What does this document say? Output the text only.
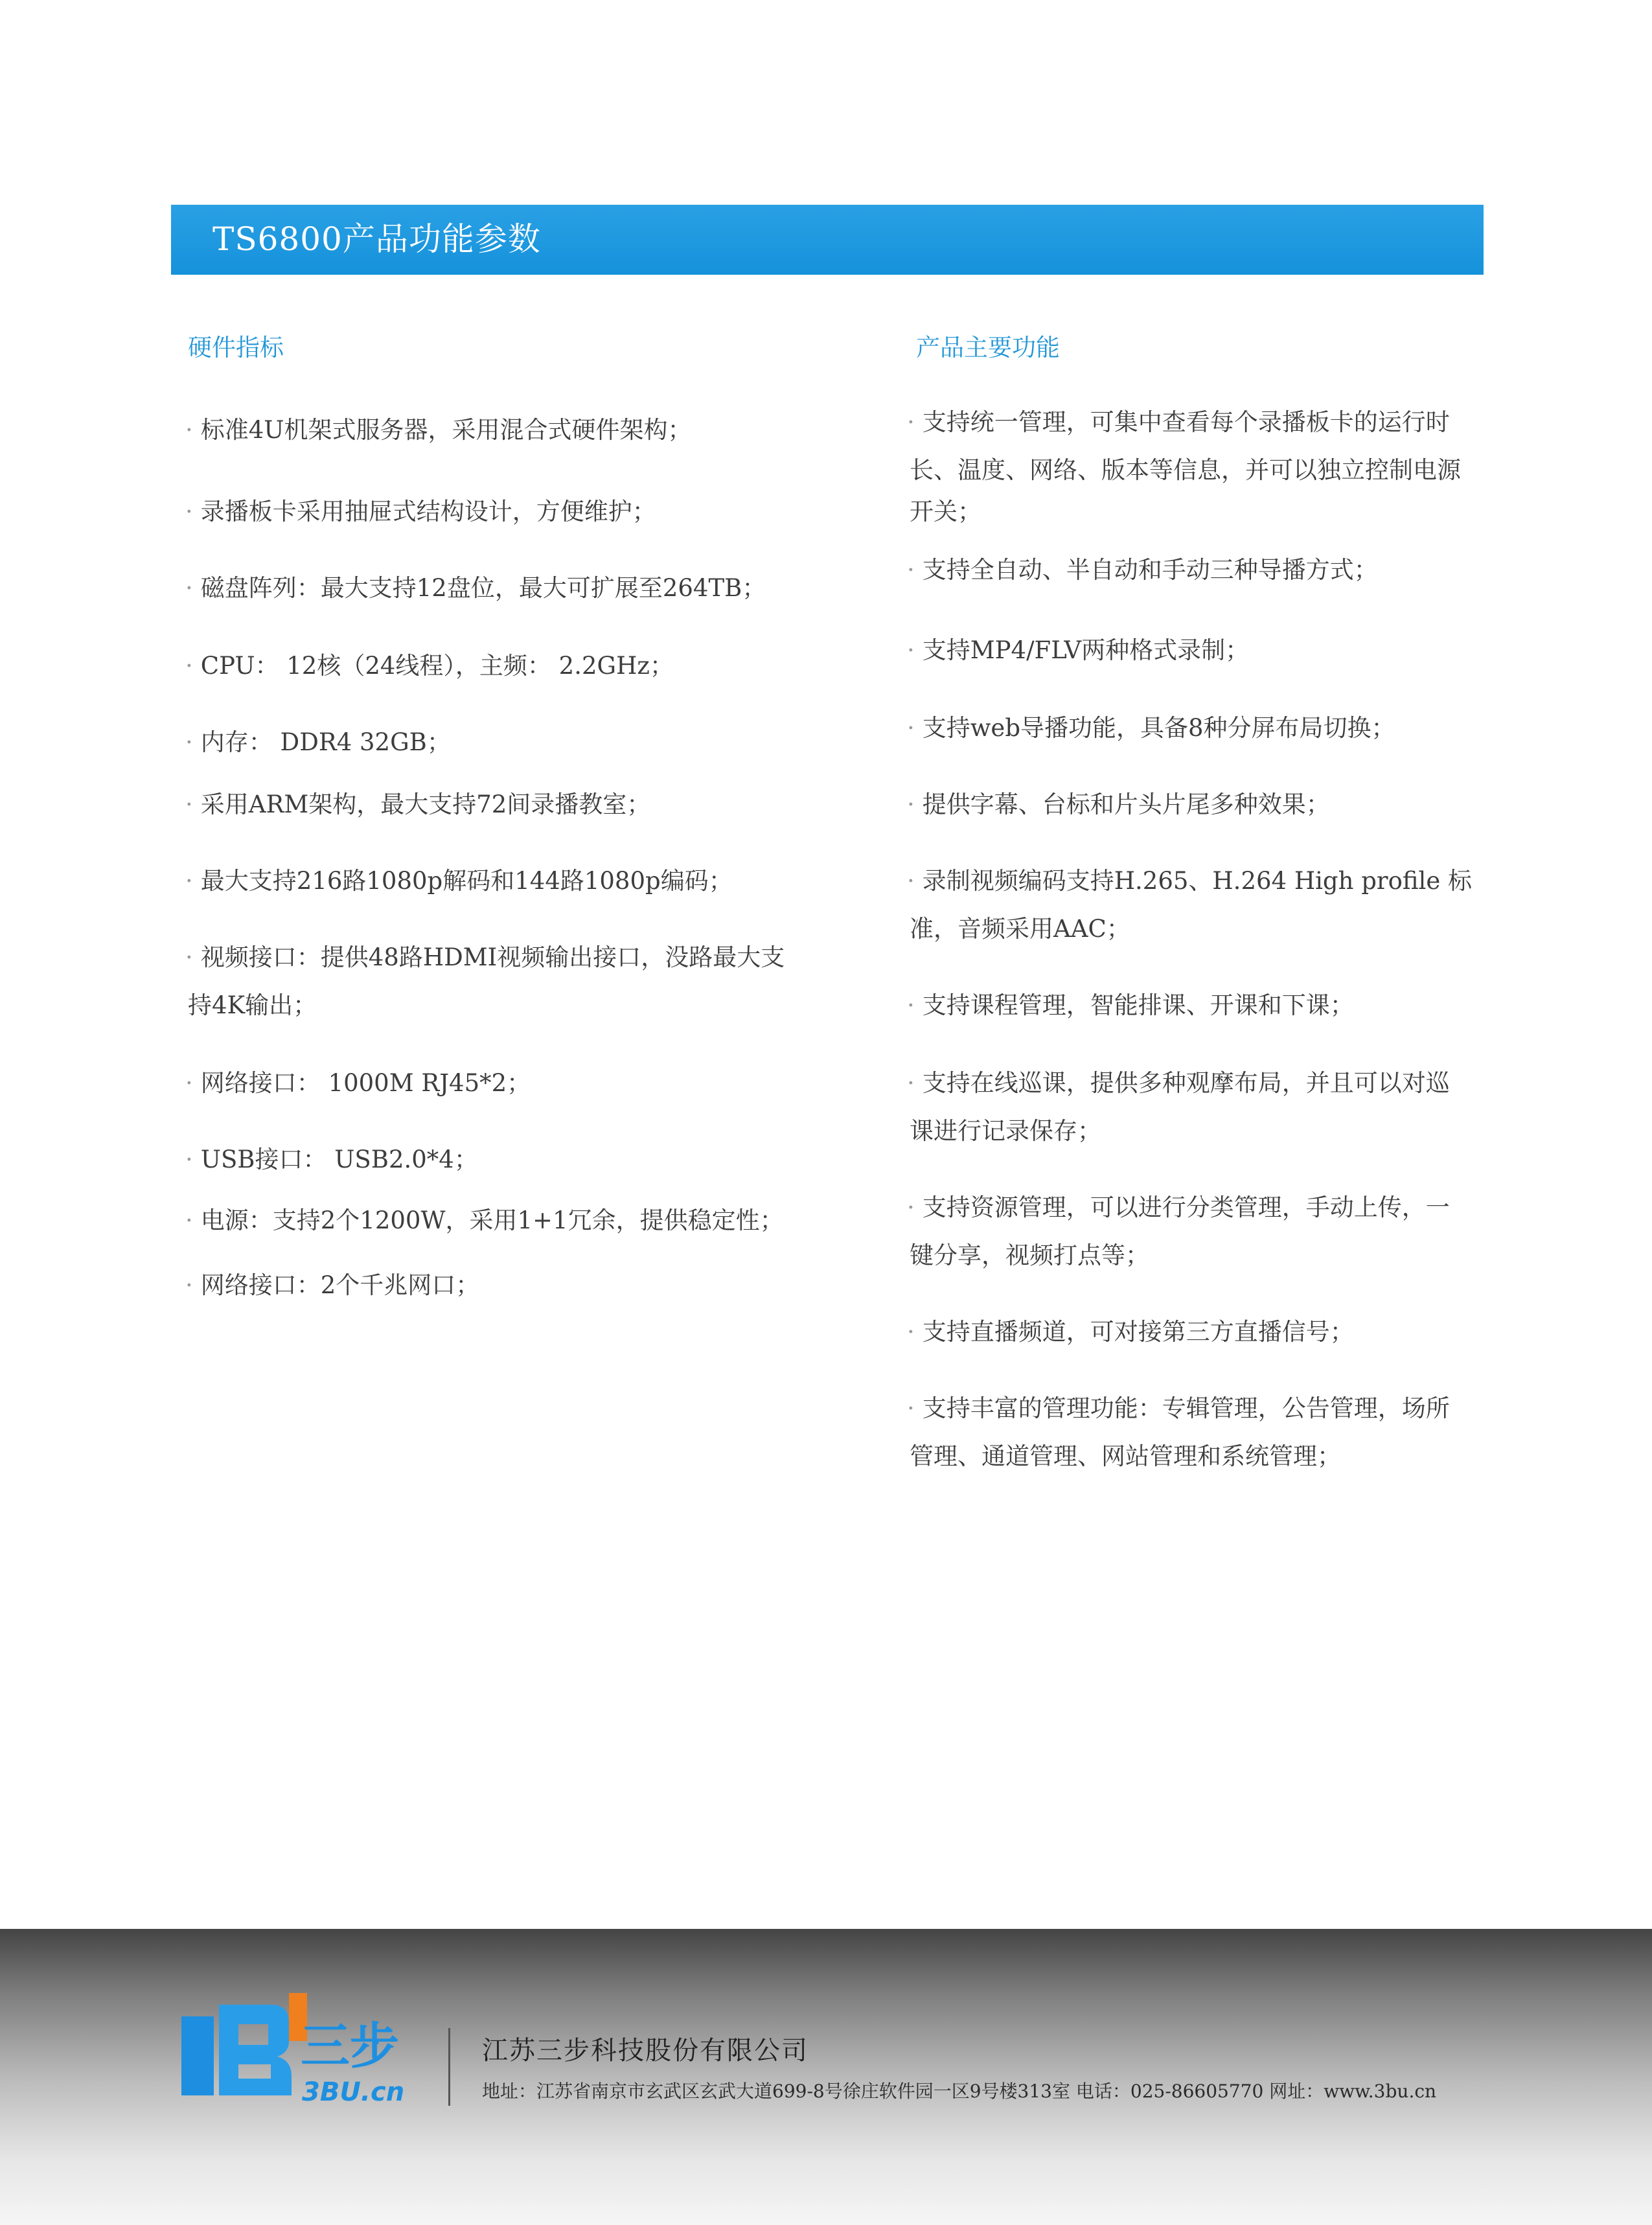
TS6800产品功能参数
硬件指标	产品主要功能
· 标准4U机架式服务器，采用混合式硬件架构；
· 录播板卡采用抽屉式结构设计，方便维护；
· 磁盘阵列：最大支持12盘位，最大可扩展至264TB；
· CPU： 12核（24线程），主频： 2.2GHz；
· 内存： DDR4 32GB；
· 采用ARM架构，最大支持72间录播教室；
· 最大支持216路1080p解码和144路1080p编码；
· 视频接口：提供48路HDMI视频输出接口，没路最大支
持4K输出；
· 网络接口： 1000M RJ45*2；
· USB接口： USB2.0*4；
· 电源：支持2个1200W，采用1+1冗余，提供稳定性；
· 网络接口：2个千兆网口；
· 支持统一管理，可集中查看每个录播板卡的运行时
长、温度、网络、版本等信息，并可以独立控制电源
开关；
· 支持全自动、半自动和手动三种导播方式；
· 支持MP4/FLV两种格式录制；
· 支持web导播功能，具备8种分屏布局切换；
· 提供字幕、台标和片头片尾多种效果；
· 录制视频编码支持H.265、H.264 High profile 标
准，音频采用AAC；
· 支持课程管理，智能排课、开课和下课；
· 支持在线巡课，提供多种观摩布局，并且可以对巡
课进行记录保存；
· 支持资源管理，可以进行分类管理，手动上传，一
键分享，视频打点等；
· 支持直播频道，可对接第三方直播信号；
· 支持丰富的管理功能：专辑管理，公告管理，场所
管理、通道管理、网站管理和系统管理；
三步
3BU.cn
江苏三步科技股份有限公司
地址：江苏省南京市玄武区玄武大道699-8号徐庄软件园一区9号楼313室 电话：025-86605770 网址：www.3bu.cn
